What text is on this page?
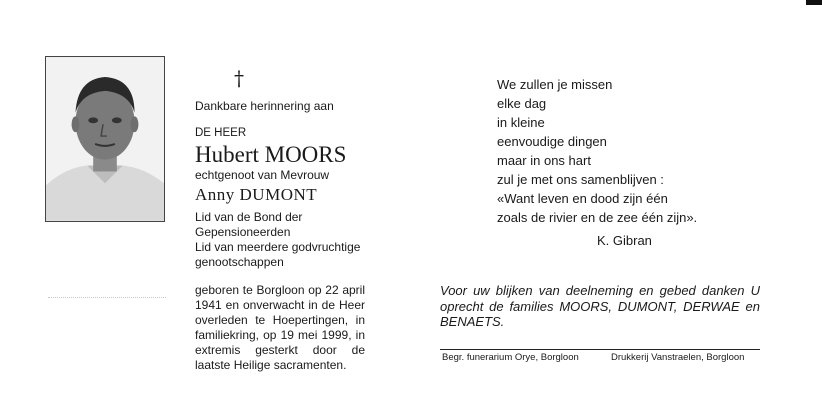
†
Dankbare herinnering aan
DE HEER
Hubert MOORS
echtgenoot van Mevrouw
Anny DUMONT
Lid van de Bond der
Gepensioneerden
Lid van meerdere godvruchtige
genootschappen
geboren te Borgloon op 22 april 1941 en onverwacht in de Heer overleden te Hoepertingen, in familiekring, op 19 mei 1999, in extremis gesterkt door de laatste Heilige sacramenten.
We zullen je missen
elke dag
in kleine
eenvoudige dingen
maar in ons hart
zul je met ons samenblijven :
«Want leven en dood zijn één
zoals de rivier en de zee één zijn».
K. Gibran
Voor uw blijken van deelneming en gebed danken U oprecht de families MOORS, DUMONT, DERWAE en BENAETS.
Begr. funerarium Orye, Borgloon	Drukkerij Vanstraelen, Borgloon
